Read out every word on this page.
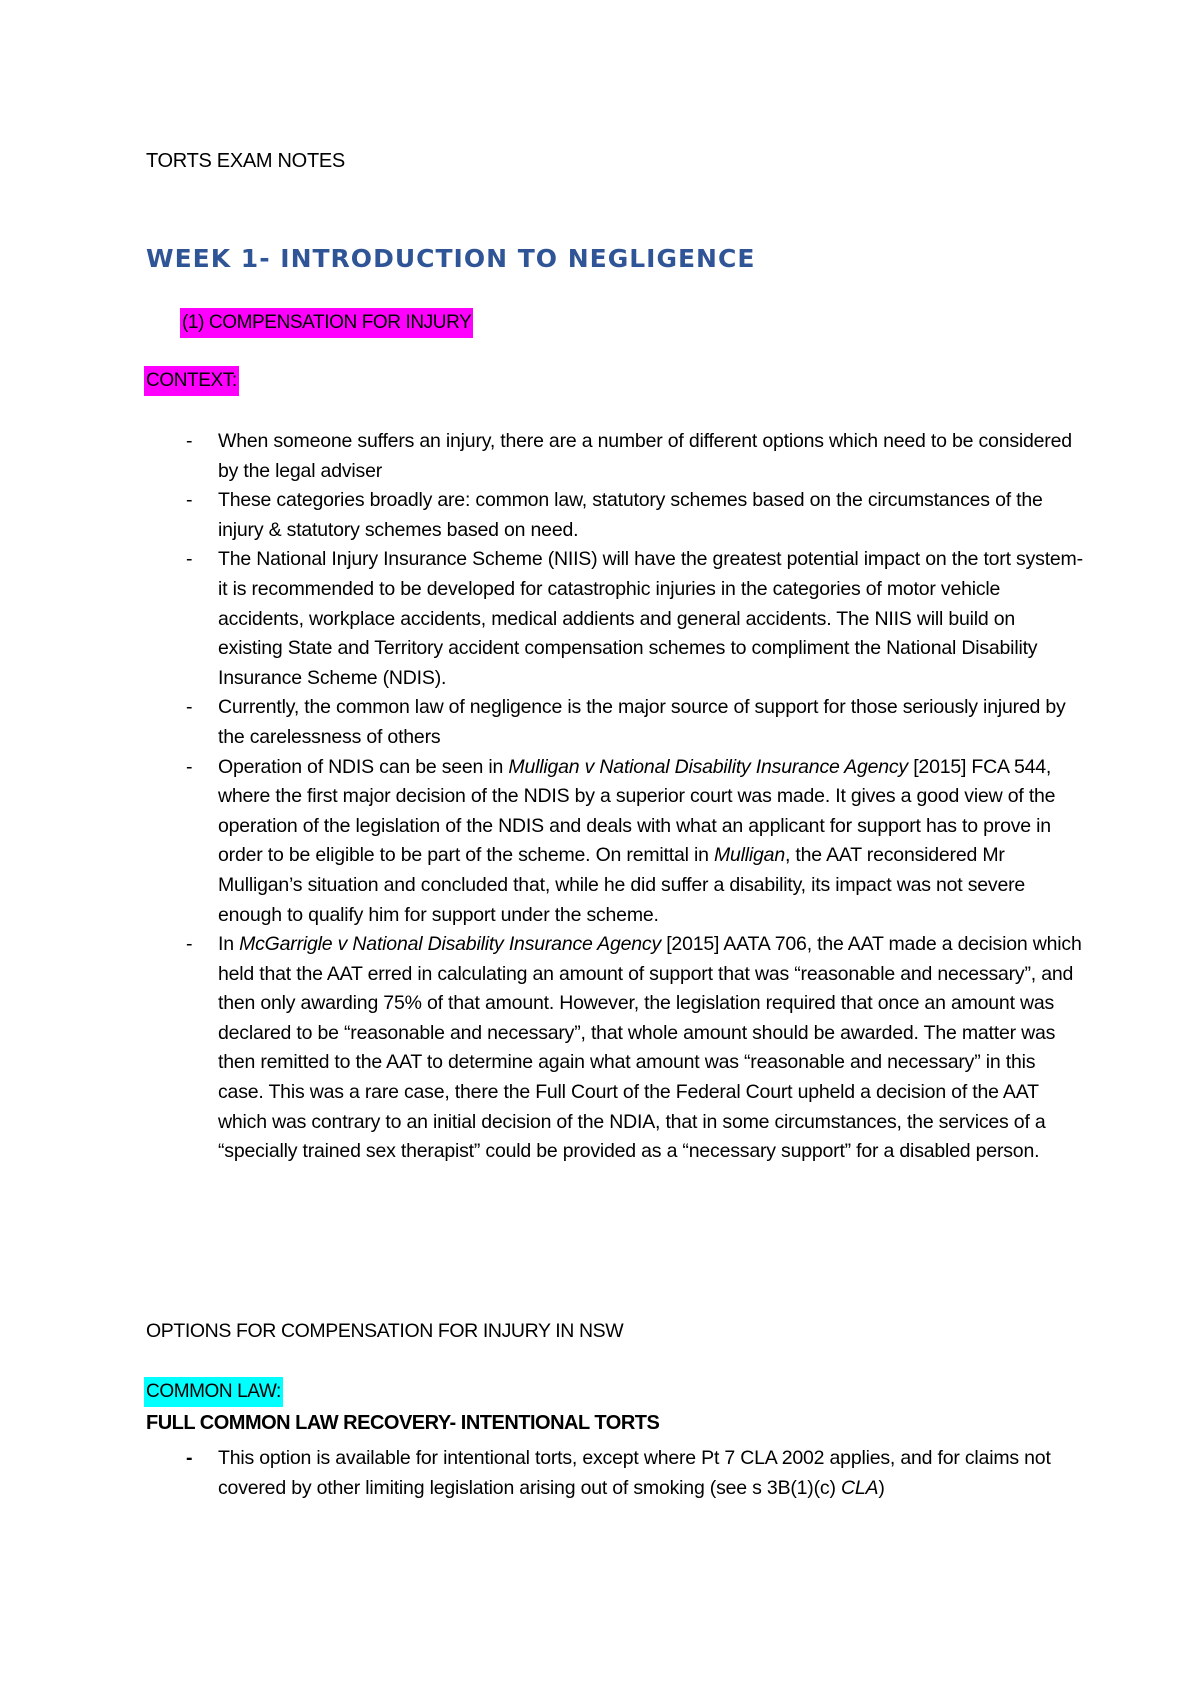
TORTS EXAM NOTES
WEEK 1- INTRODUCTION TO NEGLIGENCE
(1) COMPENSATION FOR INJURY
CONTEXT:
- When someone suffers an injury, there are a number of different options which need to be considered by the legal adviser
- These categories broadly are: common law, statutory schemes based on the circumstances of the injury & statutory schemes based on need.
- The National Injury Insurance Scheme (NIIS) will have the greatest potential impact on the tort system- it is recommended to be developed for catastrophic injuries in the categories of motor vehicle accidents, workplace accidents, medical addients and general accidents. The NIIS will build on existing State and Territory accident compensation schemes to compliment the National Disability Insurance Scheme (NDIS).
- Currently, the common law of negligence is the major source of support for those seriously injured by the carelessness of others
- Operation of NDIS can be seen in Mulligan v National Disability Insurance Agency [2015] FCA 544, where the first major decision of the NDIS by a superior court was made. It gives a good view of the operation of the legislation of the NDIS and deals with what an applicant for support has to prove in order to be eligible to be part of the scheme. On remittal in Mulligan, the AAT reconsidered Mr Mulligan’s situation and concluded that, while he did suffer a disability, its impact was not severe enough to qualify him for support under the scheme.
- In McGarrigle v National Disability Insurance Agency [2015] AATA 706, the AAT made a decision which held that the AAT erred in calculating an amount of support that was “reasonable and necessary”, and then only awarding 75% of that amount. However, the legislation required that once an amount was declared to be “reasonable and necessary”, that whole amount should be awarded. The matter was then remitted to the AAT to determine again what amount was “reasonable and necessary” in this case. This was a rare case, there the Full Court of the Federal Court upheld a decision of the AAT which was contrary to an initial decision of the NDIA, that in some circumstances, the services of a “specially trained sex therapist” could be provided as a “necessary support” for a disabled person.
OPTIONS FOR COMPENSATION FOR INJURY IN NSW
COMMON LAW:
FULL COMMON LAW RECOVERY- INTENTIONAL TORTS
- This option is available for intentional torts, except where Pt 7 CLA 2002 applies, and for claims not covered by other limiting legislation arising out of smoking (see s 3B(1)(c) CLA)
